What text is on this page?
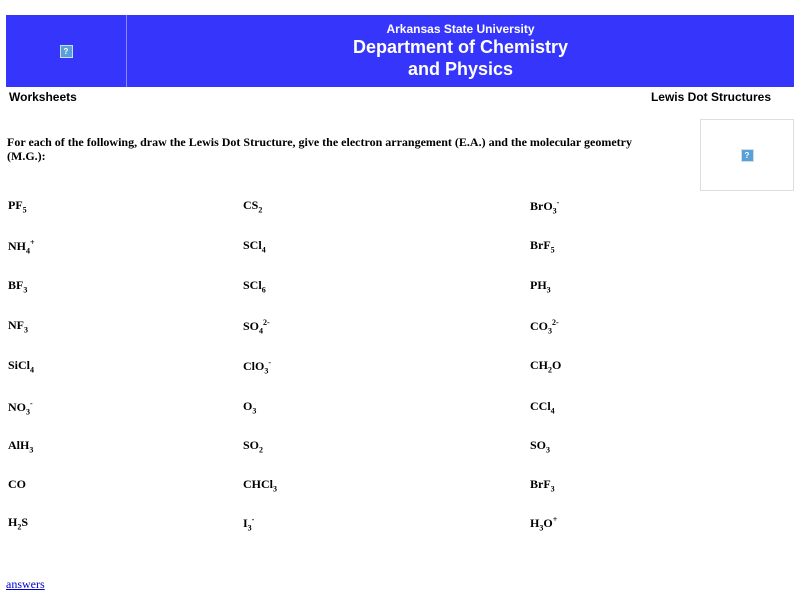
?
Arkansas State University
Department of Chemistry
and Physics
Worksheets	Lewis Dot Structures
For each of the following, draw the Lewis Dot Structure, give the electron arrangement (E.A.) and the molecular geometry (M.G.):	?
$PF_5$
$NH_4^+$
$BF_3$
$NF_3$
SiCl$_4$
$NO_3^-$
AlH$_3$
CO
$H_2S$
$CS_2$
SCl$_4$
SCl$_6$
$SO_4^{2-}$
ClO$_3$-
$O_3$
$SO_2$
CHCl$_3$
$I_3^-$
BrO$_3$-
BrF$_5$
$PH_3$
$CO_3^{2-}$
$CH_2O$
CCl$_4$
$SO_3$
BrF$_3$
$H_3O^+$
answers
